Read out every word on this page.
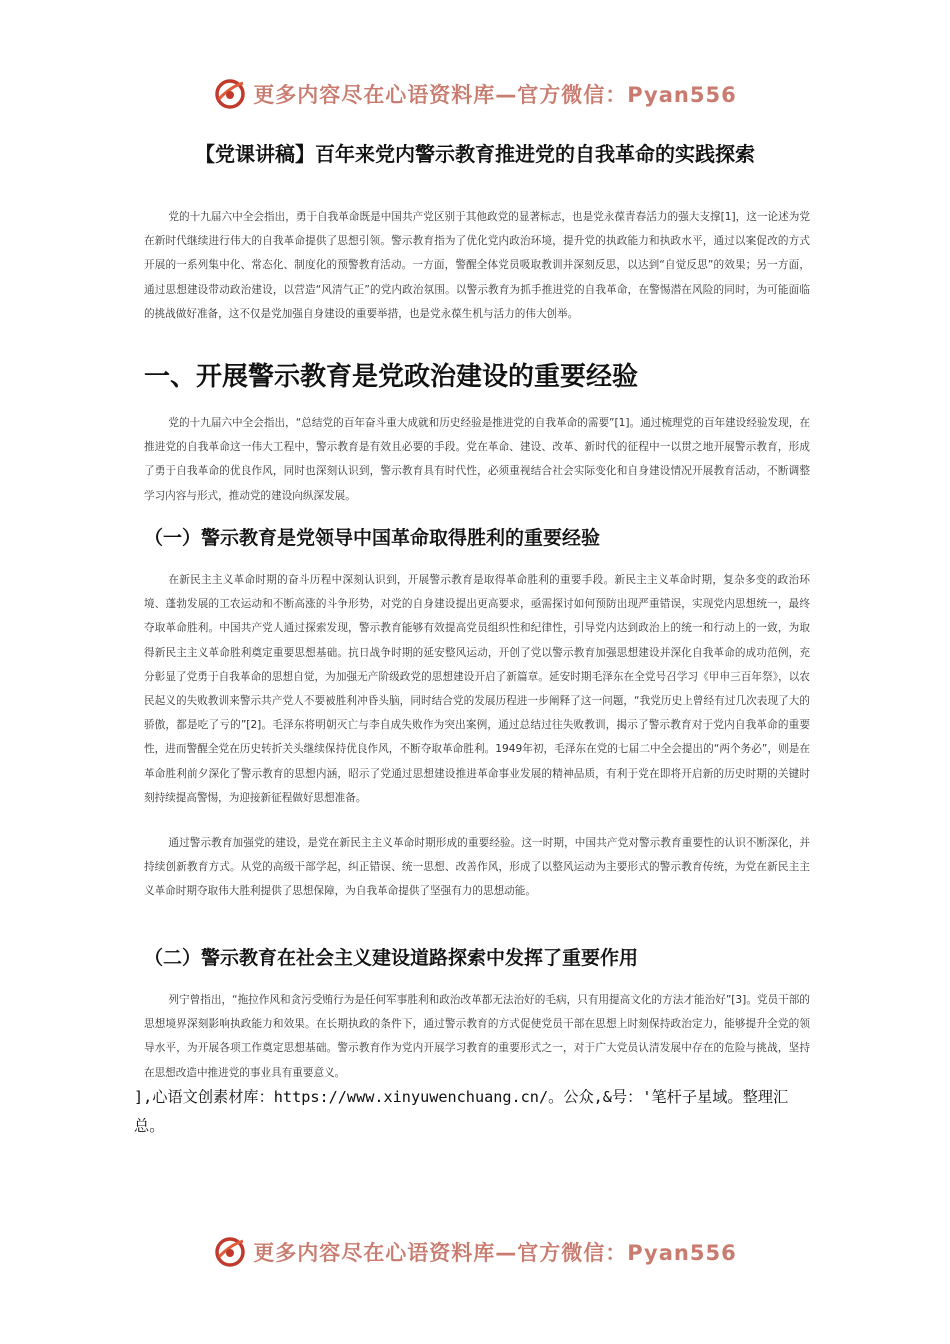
更多内容尽在心语资料库—官方微信：Pyan556
【党课讲稿】百年来党内警示教育推进党的自我革命的实践探索

党的十九届六中全会指出，勇于自我革命既是中国共产党区别于其他政党的显著标志，也是党永葆青春活力的强大支撑[1]，这一论述为党在新时代继续进行伟大的自我革命提供了思想引领。警示教育指为了优化党内政治环境，提升党的执政能力和执政水平，通过以案促改的方式开展的一系列集中化、常态化、制度化的预警教育活动。一方面，警醒全体党员吸取教训并深刻反思，以达到“自觉反思”的效果；另一方面，通过思想建设带动政治建设，以营造“风清气正”的党内政治氛围。以警示教育为抓手推进党的自我革命，在警惕潜在风险的同时，为可能面临的挑战做好准备，这不仅是党加强自身建设的重要举措，也是党永葆生机与活力的伟大创举。

一、开展警示教育是党政治建设的重要经验

党的十九届六中全会指出，“总结党的百年奋斗重大成就和历史经验是推进党的自我革命的需要”[1]。通过梳理党的百年建设经验发现，在推进党的自我革命这一伟大工程中，警示教育是有效且必要的手段。党在革命、建设、改革、新时代的征程中一以贯之地开展警示教育，形成了勇于自我革命的优良作风，同时也深刻认识到，警示教育具有时代性，必须重视结合社会实际变化和自身建设情况开展教育活动，不断调整学习内容与形式，推动党的建设向纵深发展。

（一）警示教育是党领导中国革命取得胜利的重要经验

在新民主主义革命时期的奋斗历程中深刻认识到，开展警示教育是取得革命胜利的重要手段。新民主主义革命时期，复杂多变的政治环境、蓬勃发展的工农运动和不断高涨的斗争形势，对党的自身建设提出更高要求，亟需探讨如何预防出现严重错误，实现党内思想统一，最终夺取革命胜利。中国共产党人通过探索发现，警示教育能够有效提高党员组织性和纪律性，引导党内达到政治上的统一和行动上的一致，为取得新民主主义革命胜利奠定重要思想基础。抗日战争时期的延安整风运动，开创了党以警示教育加强思想建设并深化自我革命的成功范例，充分彰显了党勇于自我革命的思想自觉，为加强无产阶级政党的思想建设开启了新篇章。延安时期毛泽东在全党号召学习《甲申三百年祭》，以农民起义的失败教训来警示共产党人不要被胜利冲昏头脑，同时结合党的发展历程进一步阐释了这一问题，“我党历史上曾经有过几次表现了大的骄傲，都是吃了亏的”[2]。毛泽东将明朝灭亡与李自成失败作为突出案例，通过总结过往失败教训，揭示了警示教育对于党内自我革命的重要性，进而警醒全党在历史转折关头继续保持优良作风，不断夺取革命胜利。1949年初，毛泽东在党的七届二中全会提出的“两个务必”，则是在革命胜利前夕深化了警示教育的思想内涵，昭示了党通过思想建设推进革命事业发展的精神品质，有利于党在即将开启新的历史时期的关键时刻持续提高警惕，为迎接新征程做好思想准备。

通过警示教育加强党的建设，是党在新民主主义革命时期形成的重要经验。这一时期，中国共产党对警示教育重要性的认识不断深化，并持续创新教育方式。从党的高级干部学起，纠正错误、统一思想、改善作风，形成了以整风运动为主要形式的警示教育传统，为党在新民主主义革命时期夺取伟大胜利提供了思想保障，为自我革命提供了坚强有力的思想动能。

（二）警示教育在社会主义建设道路探索中发挥了重要作用

列宁曾指出，“拖拉作风和贪污受贿行为是任何军事胜利和政治改革都无法治好的毛病，只有用提高文化的方法才能治好”[3]。党员干部的思想境界深刻影响执政能力和效果。在长期执政的条件下，通过警示教育的方式促使党员干部在思想上时刻保持政治定力，能够提升全党的领导水平，为开展各项工作奠定思想基础。警示教育作为党内开展学习教育的重要形式之一，对于广大党员认清发展中存在的危险与挑战，坚持在思想改造中推进党的事业具有重要意义。

],心语文创素材库：https://www.xinyuwenchuang.cn/。公众,&号：'笔杆子星域。整理汇总。

更多内容尽在心语资料库—官方微信：Pyan556
